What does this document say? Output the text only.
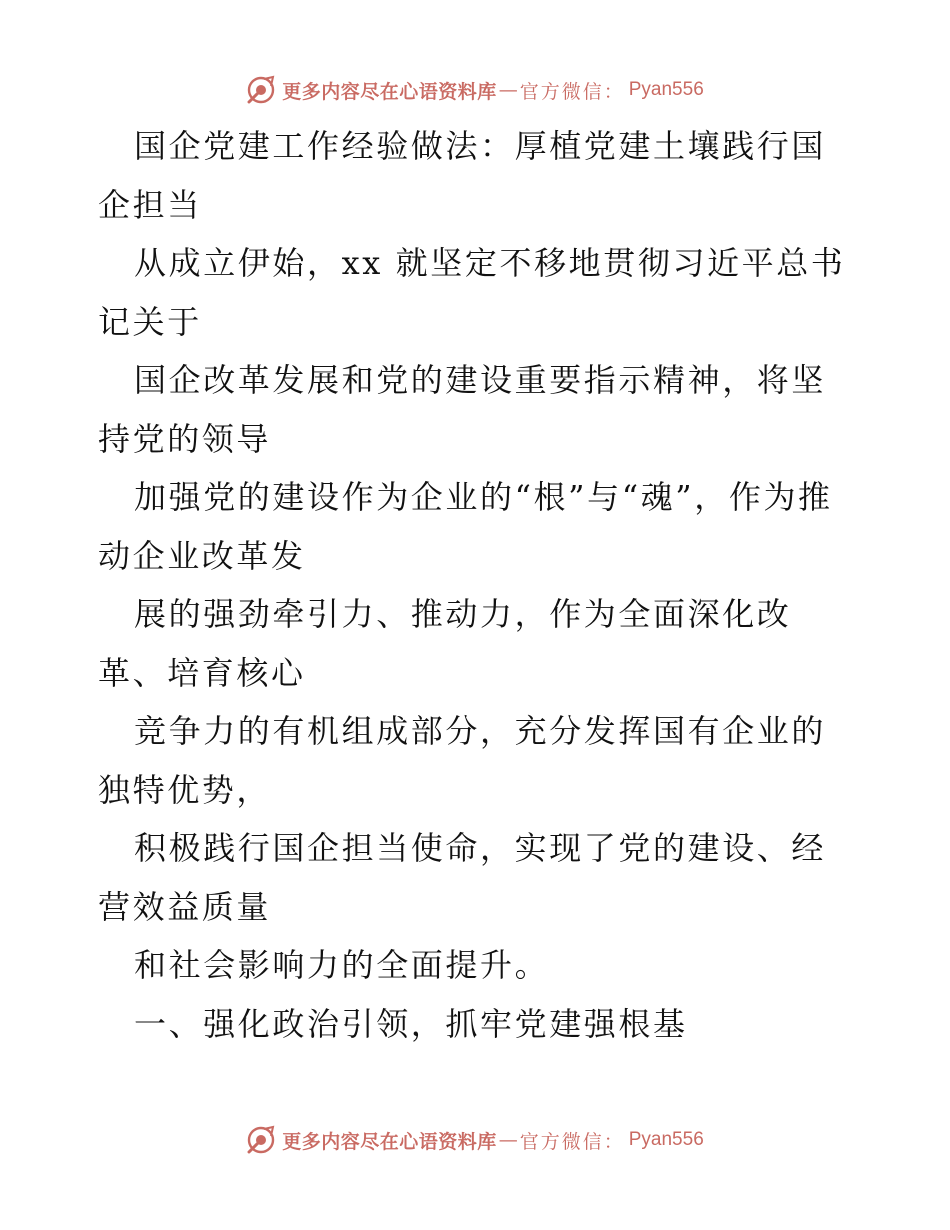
更多内容尽在心语资料库 — 官方微信： Pyan556

国企党建工作经验做法：厚植党建土壤践行国企担当

从成立伊始，xx 就坚定不移地贯彻习近平总书记关于

国企改革发展和党的建设重要指示精神，将坚持党的领导

加强党的建设作为企业的“根”与“魂”，作为推动企业改革发

展的强劲牵引力、推动力，作为全面深化改革、培育核心

竞争力的有机组成部分，充分发挥国有企业的独特优势，

积极践行国企担当使命，实现了党的建设、经营效益质量

和社会影响力的全面提升。

一、强化政治引领，抓牢党建强根基

更多内容尽在心语资料库 — 官方微信： Pyan556
